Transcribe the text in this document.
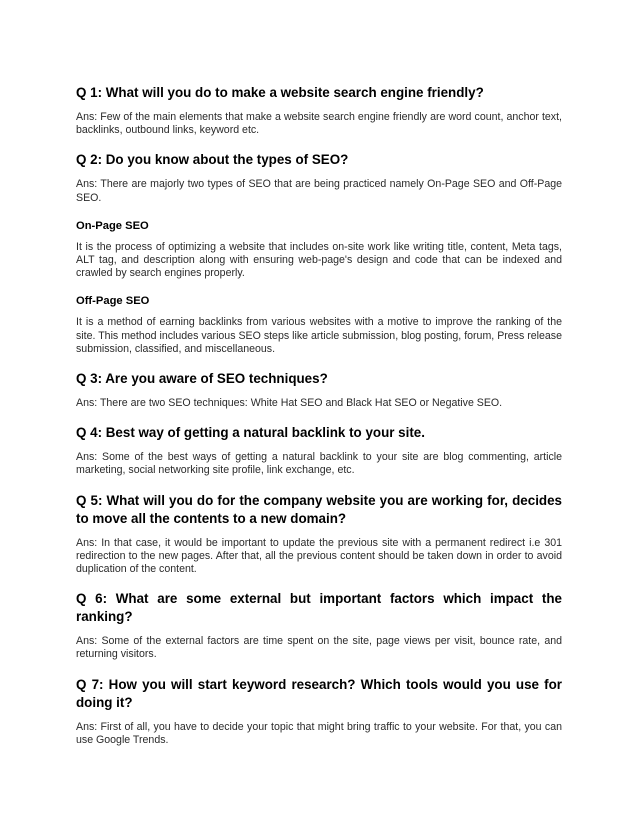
Q 1: What will you do to make a website search engine friendly?

Ans: Few of the main elements that make a website search engine friendly are word count, anchor text, backlinks, outbound links, keyword etc.

Q 2: Do you know about the types of SEO?

Ans: There are majorly two types of SEO that are being practiced namely On-Page SEO and Off-Page SEO.

On-Page SEO

It is the process of optimizing a website that includes on-site work like writing title, content, Meta tags, ALT tag, and description along with ensuring web-page's design and code that can be indexed and crawled by search engines properly.

Off-Page SEO

It is a method of earning backlinks from various websites with a motive to improve the ranking of the site. This method includes various SEO steps like article submission, blog posting, forum, Press release submission, classified, and miscellaneous.

Q 3: Are you aware of SEO techniques?

Ans: There are two SEO techniques: White Hat SEO and Black Hat SEO or Negative SEO.

Q 4: Best way of getting a natural backlink to your site.

Ans: Some of the best ways of getting a natural backlink to your site are blog commenting, article marketing, social networking site profile, link exchange, etc.

Q 5: What will you do for the company website you are working for, decides to move all the contents to a new domain?

Ans: In that case, it would be important to update the previous site with a permanent redirect i.e 301 redirection to the new pages. After that, all the previous content should be taken down in order to avoid duplication of the content.

Q 6: What are some external but important factors which impact the ranking?

Ans: Some of the external factors are time spent on the site, page views per visit, bounce rate, and returning visitors.

Q 7: How you will start keyword research? Which tools would you use for doing it?

Ans: First of all, you have to decide your topic that might bring traffic to your website. For that, you can use Google Trends.
